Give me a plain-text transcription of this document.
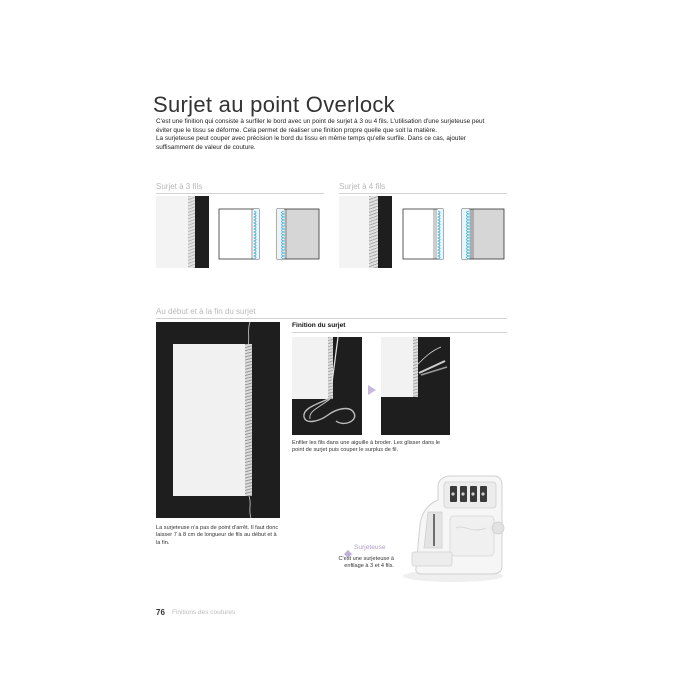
Surjet au point Overlock

C'est une finition qui consiste à surfiler le bord avec un point de surjet à 3 ou 4 fils. L'utilisation d'une surjeteuse peut éviter que le tissu se déforme. Cela permet de réaliser une finition propre quelle que soit la matière.

La surjeteuse peut couper avec précision le bord du tissu en même temps qu'elle surfile. Dans ce cas, ajouter suffisamment de valeur de couture.

Surjet à 3 fils	Surjet à 4 fils
Au début et à la fin du surjet
La surjeteuse n'a pas de point d'arrêt. Il faut donc laisser 7 à 8 cm de longueur de fils au début et à la fin.
Finition du surjet
Enfiler les fils dans une aiguille à broder. Les glisser dans le point de surjet puis couper le surplus de fil.
Surjeteuse
C'est une surjeteuse à enfilage à 3 et 4 fils.
76 Finitions des coutures
